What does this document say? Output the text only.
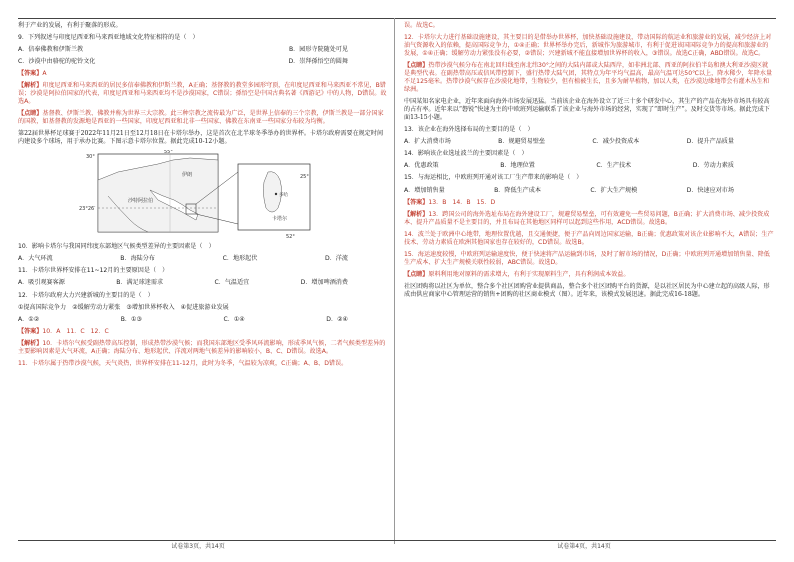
利于产业的发展，有利于聚落的形成。
9．下列叙述与印度尼西亚和马来西亚地域文化特征相符的是（　）
A．信奉佛教和伊斯兰教	B．园形寺院随处可见
C．沙漠中由骆驼的驼铃文化	D．崇拜孫悟空的圆舞
【答案】A
【解析】印度尼西亚和马来西亚的居民多信奉佛教和伊斯兰教，A正确；基督教的教堂多园形穹顶，在印度尼西亚和马来西亚不常见，B错误；沙漠是阿拉伯国家的代表，印度尼西亚和马来西亚均不是沙漠国家，C错误；孫悟空是中国古典名著《西游记》中的人物，D错误。故选A。
【点睛】基督教、伊斯兰教、佛教并称为世界三大宗教。此三种宗教之流传最为广泛，是世界上信奉的三个宗教，伊斯兰教是一部分国家的国教，如基督教的发源地是西亚的一些国家，印度尼西亚和北非一些国家、佛教在东南亚一些国家分布较为均衡。
第22届世界杯足球赛于2022年11月21日至12月18日在卡塔尔举办，这是首次在北半球冬季举办的世界杯。卡塔尔政府需要在规定时间内建设多个球场，用于承办比赛。下图示意卡塔尔位置。据此完成10-12小题。
30°
55°
23°26′
25°
52°
伊朗
沙特阿拉伯
卡塔尔
多哈
10．影响卡塔尔与我国同纬度东部地区气候类型差异的主要因素是（　）
A．大气环流	B．海陆分布	C．地形起伏	D．洋流
11．卡塔尔世界杯安排在11~12月的主要原因是（　）
A．吸引观赛客源	B．满足球迷需求	C．气温适宜	D．增加啤酒消费
12．卡塔尔政府大力兴建新城的主要目的是（　）
①提高国际竞争力　②缓解劳动力紧张　③增加世界杯收入　④促进旅游业发展
A．①②	B．①③	C．①④	D．②④
【答案】10．A　11．C　12．C
【解析】10．卡塔尔气候受副热带高压控制，形成热带沙漠气候；而我国东部地区受季风环流影响，形成季风气候，二者气候类型差异的主要影响因素是大气环流，A正确；海陆分布、地形起伏、洋流对两地气候差异的影响较小，B、C、D错误。故选A。
11．卡塔尔属于热带沙漠气候，天气炎热，世界杯安排在11-12月，此时为冬季，气温较为凉爽，C正确；A、B、D错误。
误。故选C。
12．卡塔尔大力进行基础设施建设，其主要目的是借举办世界杯，加快基础设施建设，带动国际的航运业和旅游业的发展，减少经济上对油气资源收入的依赖，提高国际竞争力，①④正确；世界杯举办完后，新城作为旅游城市，有利于促进该国国际竞争力的提高和旅游业的发展，①④正确；缓解劳动力紧张没有必要，②错误；兴建新城不能直接增加世界杯的收入，③错误。故选C正确，ABD错误。故选C。
【点睛】热带沙漠气候分布在南北回归线至南北纬30°之间的大陆内部或大陆西岸，如非洲北部、西亚的阿拉伯半岛和澳大利亚沙漠区就是典型代表。在副热带高压或信风带控制下，盛行热带大陆气团，其特点为年平均气温高，最高气温可达50℃以上，降水稀少，年降水量不足125毫米。热带沙漠气候存在沙漠化地带，生物较少，但有植被生长，且多为耐旱植物，加以人类，在沙漠边缘地带会有灌木丛生和绿洲。
中国某知名家电企业，近年来面向海外市场发展迅猛。当前该企业在海外设立了近三十多个研发中心，其生产的产品在海外市场具有较高的占有率。近年来以“磐锐”快速为主的中欧班列运输联系了该企业与海外市场的经营，实现了“即时生产”。及时交货等市场。据此完成下面13-15小题。
13．该企业在海外选择布局的主要目的是（　）
A．扩大消费市场	B．规避贸易壁垒	C．减少投资成本	D．提升产品质量
14．影响该企业选址波兰的主要因素是（　）
A．优惠政策	B．地理位置	C．生产技术	D．劳动力素质
15．与海运相比，中欧班列开通对该工厂生产带来的影响是（　）
A．增加销售量	B．降低生产成本	C．扩大生产规模	D．快速应对市场
【答案】13．B　14．B　15．D
【解析】13．跨国公司的海外选址布局在海外建设工厂，规避贸易壁垒，可有效避免一些贸易问题，B正确；扩大消费市场、减少投资成本、提升产品质量不是主要目的，并且布局在其他地区同样可以起到这些作用，ACD错误。故选B。
14．波兰处于欧洲中心地带，地理位置优越，且交通便捷，便于产品向周边国家运输，B正确；优惠政策对该企业影响不大，A错误；生产技术、劳动力素质在欧洲其他国家也存在较好的，CD错误。故选B。
15．海运速度较慢，中欧班列运输速度快，便于快速将产品运输到市场，及时了解市场的情况，D正确；中欧班列开通增加销售量、降低生产成本、扩大生产规模关联性较弱，ABC错误。故选D。
【点睛】原料利用地对原料的需求增大，有利于实现原料生产，具有利润成本效益。
社区团购将以社区为单位，整合多个社区团购营业提供商品，整合多个社区团购平台的货源，是以社区居民为中心建立起的高级人际，形成由供应商家中心管理运营的销售+团购的社区商业模式（图）。近年来，该模式发展迅速。据此完成16-18题。
试卷第3页，共14页	试卷第4页，共14页
